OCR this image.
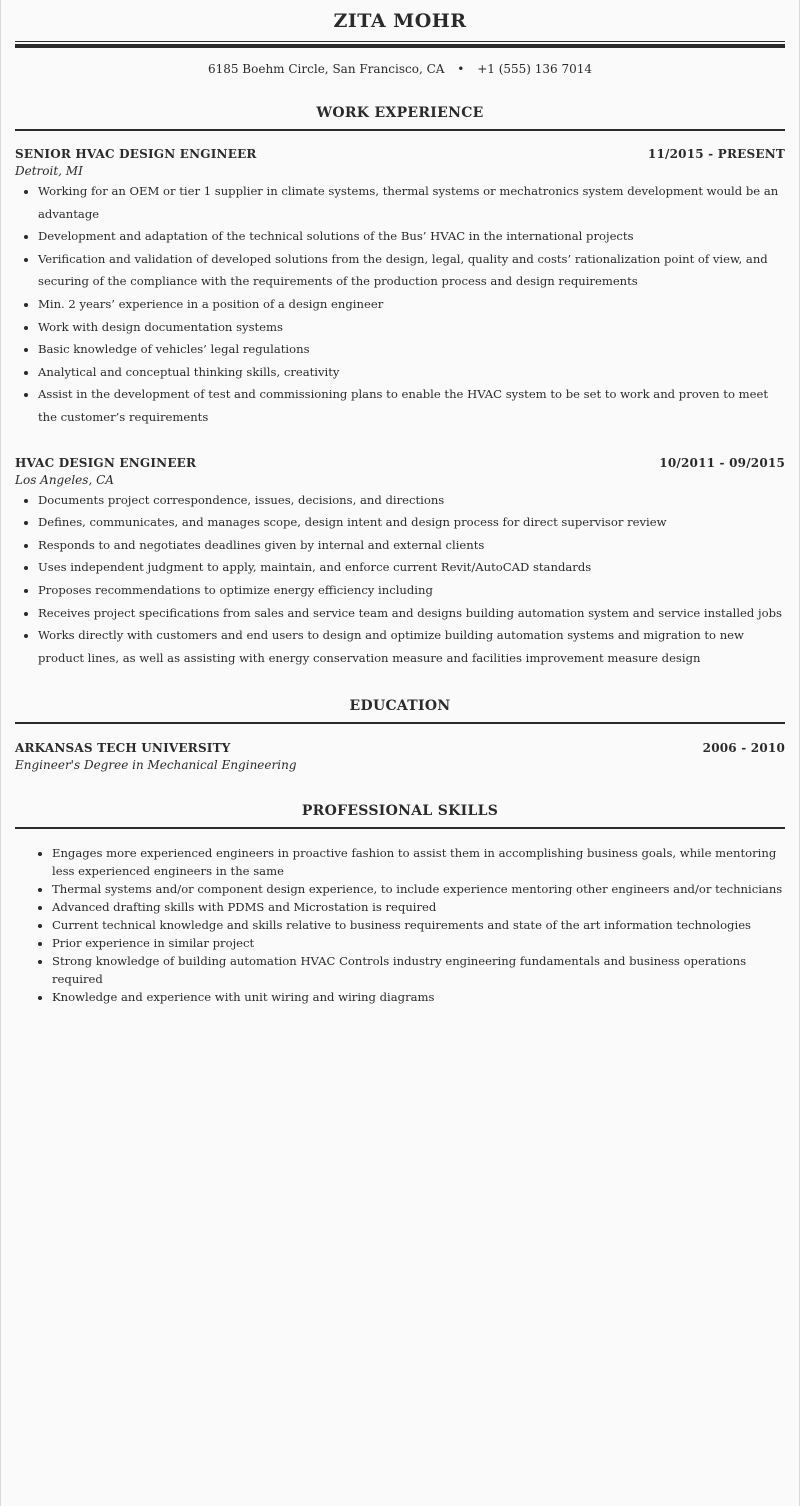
ZITA MOHR
6185 Boehm Circle, San Francisco, CA • +1 (555) 136 7014
WORK EXPERIENCE
SENIOR HVAC DESIGN ENGINEER	11/2015 - PRESENT
Detroit, MI
• Working for an OEM or tier 1 supplier in climate systems, thermal systems or mechatronics system development would be an advantage
• Development and adaptation of the technical solutions of the Bus’ HVAC in the international projects
• Verification and validation of developed solutions from the design, legal, quality and costs’ rationalization point of view, and securing of the compliance with the requirements of the production process and design requirements
• Min. 2 years’ experience in a position of a design engineer
• Work with design documentation systems
• Basic knowledge of vehicles’ legal regulations
• Analytical and conceptual thinking skills, creativity
• Assist in the development of test and commissioning plans to enable the HVAC system to be set to work and proven to meet the customer’s requirements
HVAC DESIGN ENGINEER	10/2011 - 09/2015
Los Angeles, CA
• Documents project correspondence, issues, decisions, and directions
• Defines, communicates, and manages scope, design intent and design process for direct supervisor review
• Responds to and negotiates deadlines given by internal and external clients
• Uses independent judgment to apply, maintain, and enforce current Revit/AutoCAD standards
• Proposes recommendations to optimize energy efficiency including
• Receives project specifications from sales and service team and designs building automation system and service installed jobs
• Works directly with customers and end users to design and optimize building automation systems and migration to new product lines, as well as assisting with energy conservation measure and facilities improvement measure design
EDUCATION
ARKANSAS TECH UNIVERSITY	2006 - 2010
Engineer's Degree in Mechanical Engineering
PROFESSIONAL SKILLS
• Engages more experienced engineers in proactive fashion to assist them in accomplishing business goals, while mentoring less experienced engineers in the same
• Thermal systems and/or component design experience, to include experience mentoring other engineers and/or technicians
• Advanced drafting skills with PDMS and Microstation is required
• Current technical knowledge and skills relative to business requirements and state of the art information technologies
• Prior experience in similar project
• Strong knowledge of building automation HVAC Controls industry engineering fundamentals and business operations required
• Knowledge and experience with unit wiring and wiring diagrams
